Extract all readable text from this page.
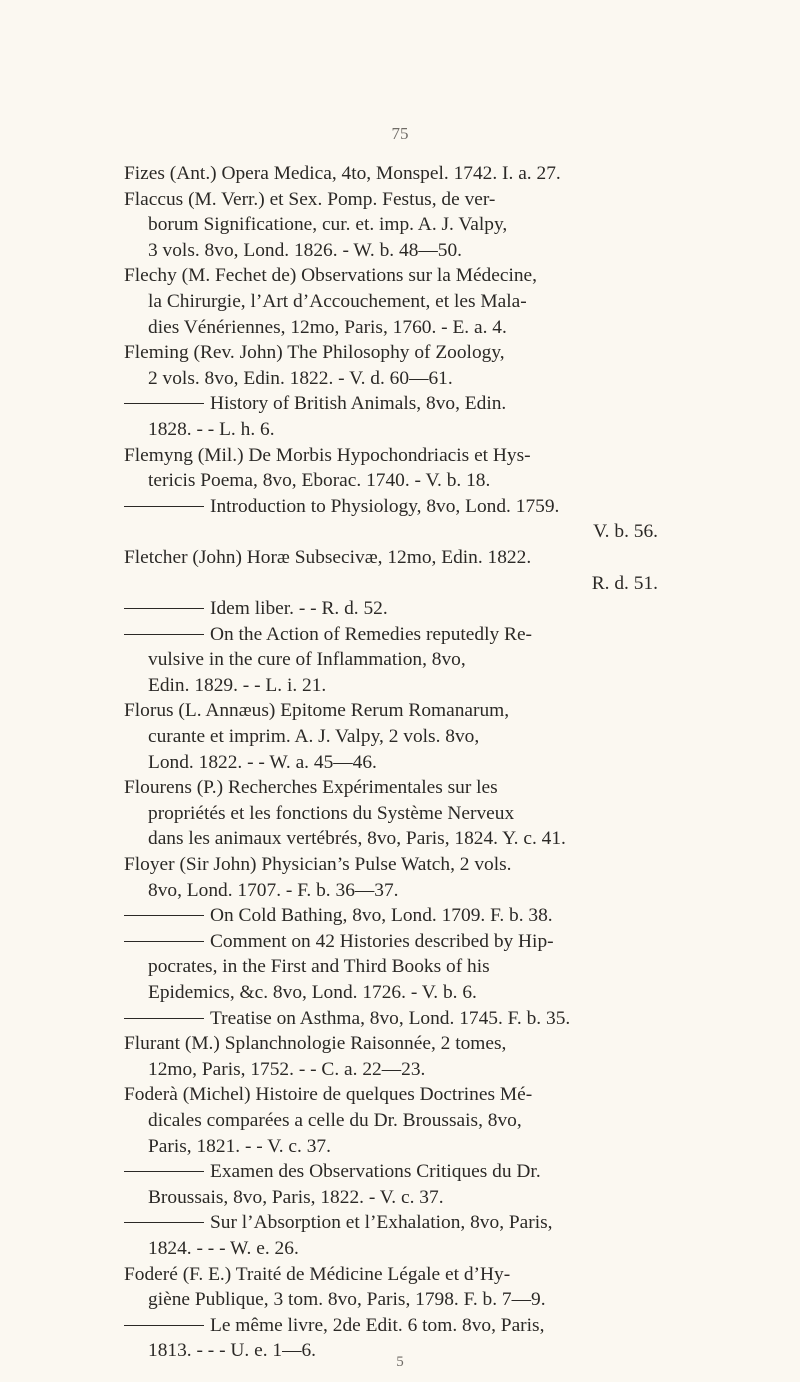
75
Fizes (Ant.) Opera Medica, 4to, Monspel. 1742. I. a. 27.
Flaccus (M. Verr.) et Sex. Pomp. Festus, de ver-
borum Significatione, cur. et. imp. A. J. Valpy,
3 vols. 8vo, Lond. 1826. - W. b. 48—50.
Flechy (M. Fechet de) Observations sur la Médecine,
la Chirurgie, l’Art d’Accouchement, et les Mala-
dies Vénériennes, 12mo, Paris, 1760. - E. a. 4.
Fleming (Rev. John) The Philosophy of Zoology,
2 vols. 8vo, Edin. 1822. - V. d. 60—61.
History of British Animals, 8vo, Edin.
1828. - - L. h. 6.
Flemyng (Mil.) De Morbis Hypochondriacis et Hys-
tericis Poema, 8vo, Eborac. 1740. - V. b. 18.
Introduction to Physiology, 8vo, Lond. 1759.
V. b. 56.
Fletcher (John) Horæ Subsecivæ, 12mo, Edin. 1822.
R. d. 51.
Idem liber. - - R. d. 52.
On the Action of Remedies reputedly Re-
vulsive in the cure of Inflammation, 8vo,
Edin. 1829. - - L. i. 21.
Florus (L. Annæus) Epitome Rerum Romanarum,
curante et imprim. A. J. Valpy, 2 vols. 8vo,
Lond. 1822. - - W. a. 45—46.
Flourens (P.) Recherches Expérimentales sur les
propriétés et les fonctions du Système Nerveux
dans les animaux vertébrés, 8vo, Paris, 1824. Y. c. 41.
Floyer (Sir John) Physician’s Pulse Watch, 2 vols.
8vo, Lond. 1707. - F. b. 36—37.
On Cold Bathing, 8vo, Lond. 1709. F. b. 38.
Comment on 42 Histories described by Hip-
pocrates, in the First and Third Books of his
Epidemics, &c. 8vo, Lond. 1726. - V. b. 6.
Treatise on Asthma, 8vo, Lond. 1745. F. b. 35.
Flurant (M.) Splanchnologie Raisonnée, 2 tomes,
12mo, Paris, 1752. - - C. a. 22—23.
Foderà (Michel) Histoire de quelques Doctrines Mé-
dicales comparées a celle du Dr. Broussais, 8vo,
Paris, 1821. - - V. c. 37.
Examen des Observations Critiques du Dr.
Broussais, 8vo, Paris, 1822. - V. c. 37.
Sur l’Absorption et l’Exhalation, 8vo, Paris,
1824. - - - W. e. 26.
Foderé (F. E.) Traité de Médicine Légale et d’Hy-
giène Publique, 3 tom. 8vo, Paris, 1798. F. b. 7—9.
Le même livre, 2de Edit. 6 tom. 8vo, Paris,
1813. - - - U. e. 1—6.
5
